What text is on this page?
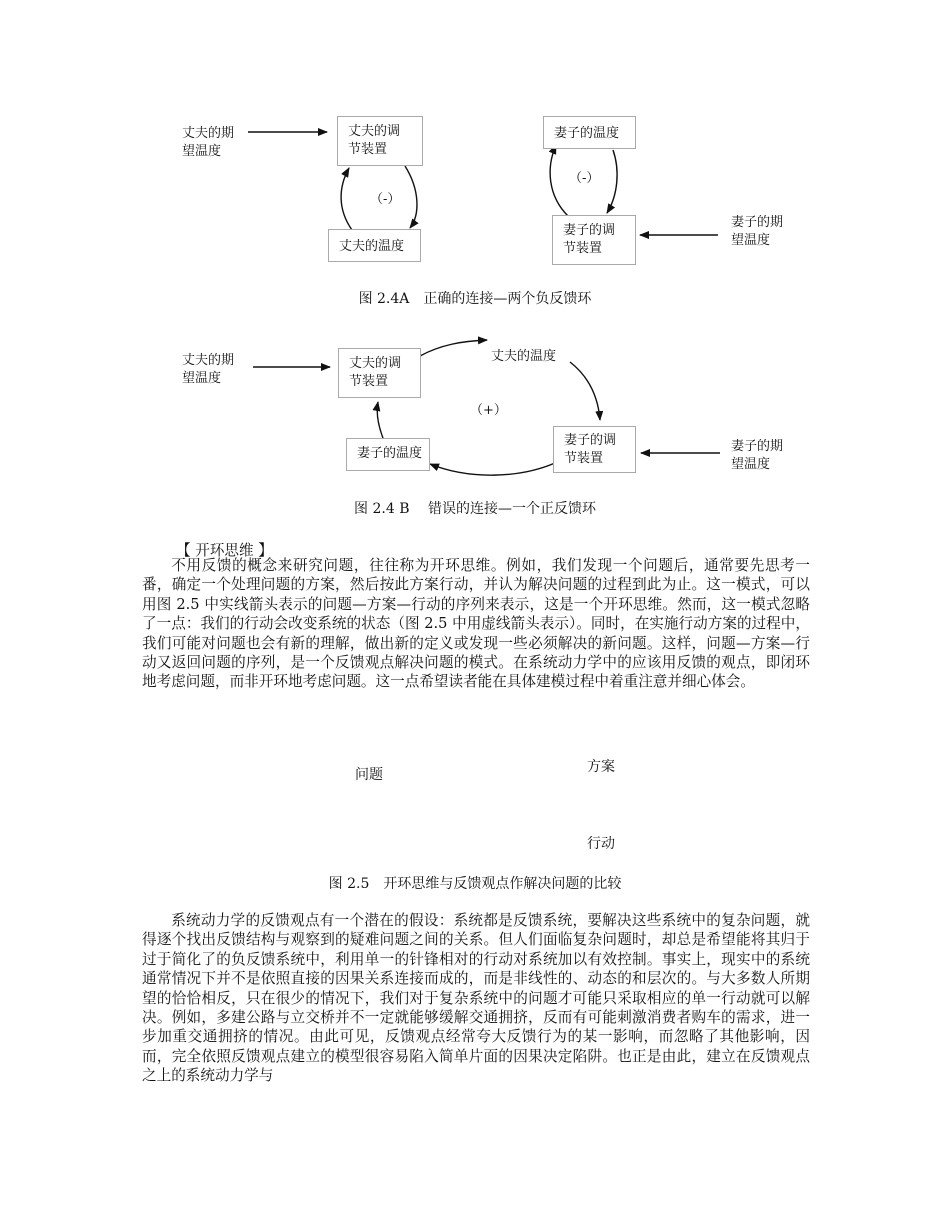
丈夫的期
望温度
丈夫的调
节装置
（-）
丈夫的温度
妻子的温度
（-）
妻子的调
节装置
妻子的期
望温度
图 2.4A　正确的连接—两个负反馈环
丈夫的期
望温度
丈夫的调
节装置
丈夫的温度
（+）
妻子的调
节装置
妻子的温度	妻子的期
望温度
图 2.4 B　 错误的连接—一个正反馈环
【 开环思维 】

不用反馈的概念来研究问题，往往称为开环思维。例如，我们发现一个问题后，通常要先思考一番，确定一个处理问题的方案，然后按此方案行动，并认为解决问题的过程到此为止。这一模式，可以用图 2.5 中实线箭头表示的问题—方案—行动的序列来表示，这是一个开环思维。然而，这一模式忽略了一点：我们的行动会改变系统的状态（图 2.5 中用虚线箭头表示）。同时，在实施行动方案的过程中，我们可能对问题也会有新的理解，做出新的定义或发现一些必须解决的新问题。这样，问题—方案—行动又返回问题的序列，是一个反馈观点解决问题的模式。在系统动力学中的应该用反馈的观点，即闭环地考虑问题，而非开环地考虑问题。这一点希望读者能在具体建模过程中着重注意并细心体会。

问题	方案
行动
图 2.5　开环思维与反馈观点作解决问题的比较

系统动力学的反馈观点有一个潜在的假设：系统都是反馈系统，要解决这些系统中的复杂问题，就得逐个找出反馈结构与观察到的疑难问题之间的关系。但人们面临复杂问题时，却总是希望能将其归于过于简化了的负反馈系统中，利用单一的针锋相对的行动对系统加以有效控制。事实上，现实中的系统通常情况下并不是依照直接的因果关系连接而成的，而是非线性的、动态的和层次的。与大多数人所期望的恰恰相反，只在很少的情况下，我们对于复杂系统中的问题才可能只采取相应的单一行动就可以解决。例如，多建公路与立交桥并不一定就能够缓解交通拥挤，反而有可能刺激消费者购车的需求，进一步加重交通拥挤的情况。由此可见，反馈观点经常夸大反馈行为的某一影响，而忽略了其他影响，因而，完全依照反馈观点建立的模型很容易陷入简单片面的因果决定陷阱。也正是由此，建立在反馈观点之上的系统动力学与
